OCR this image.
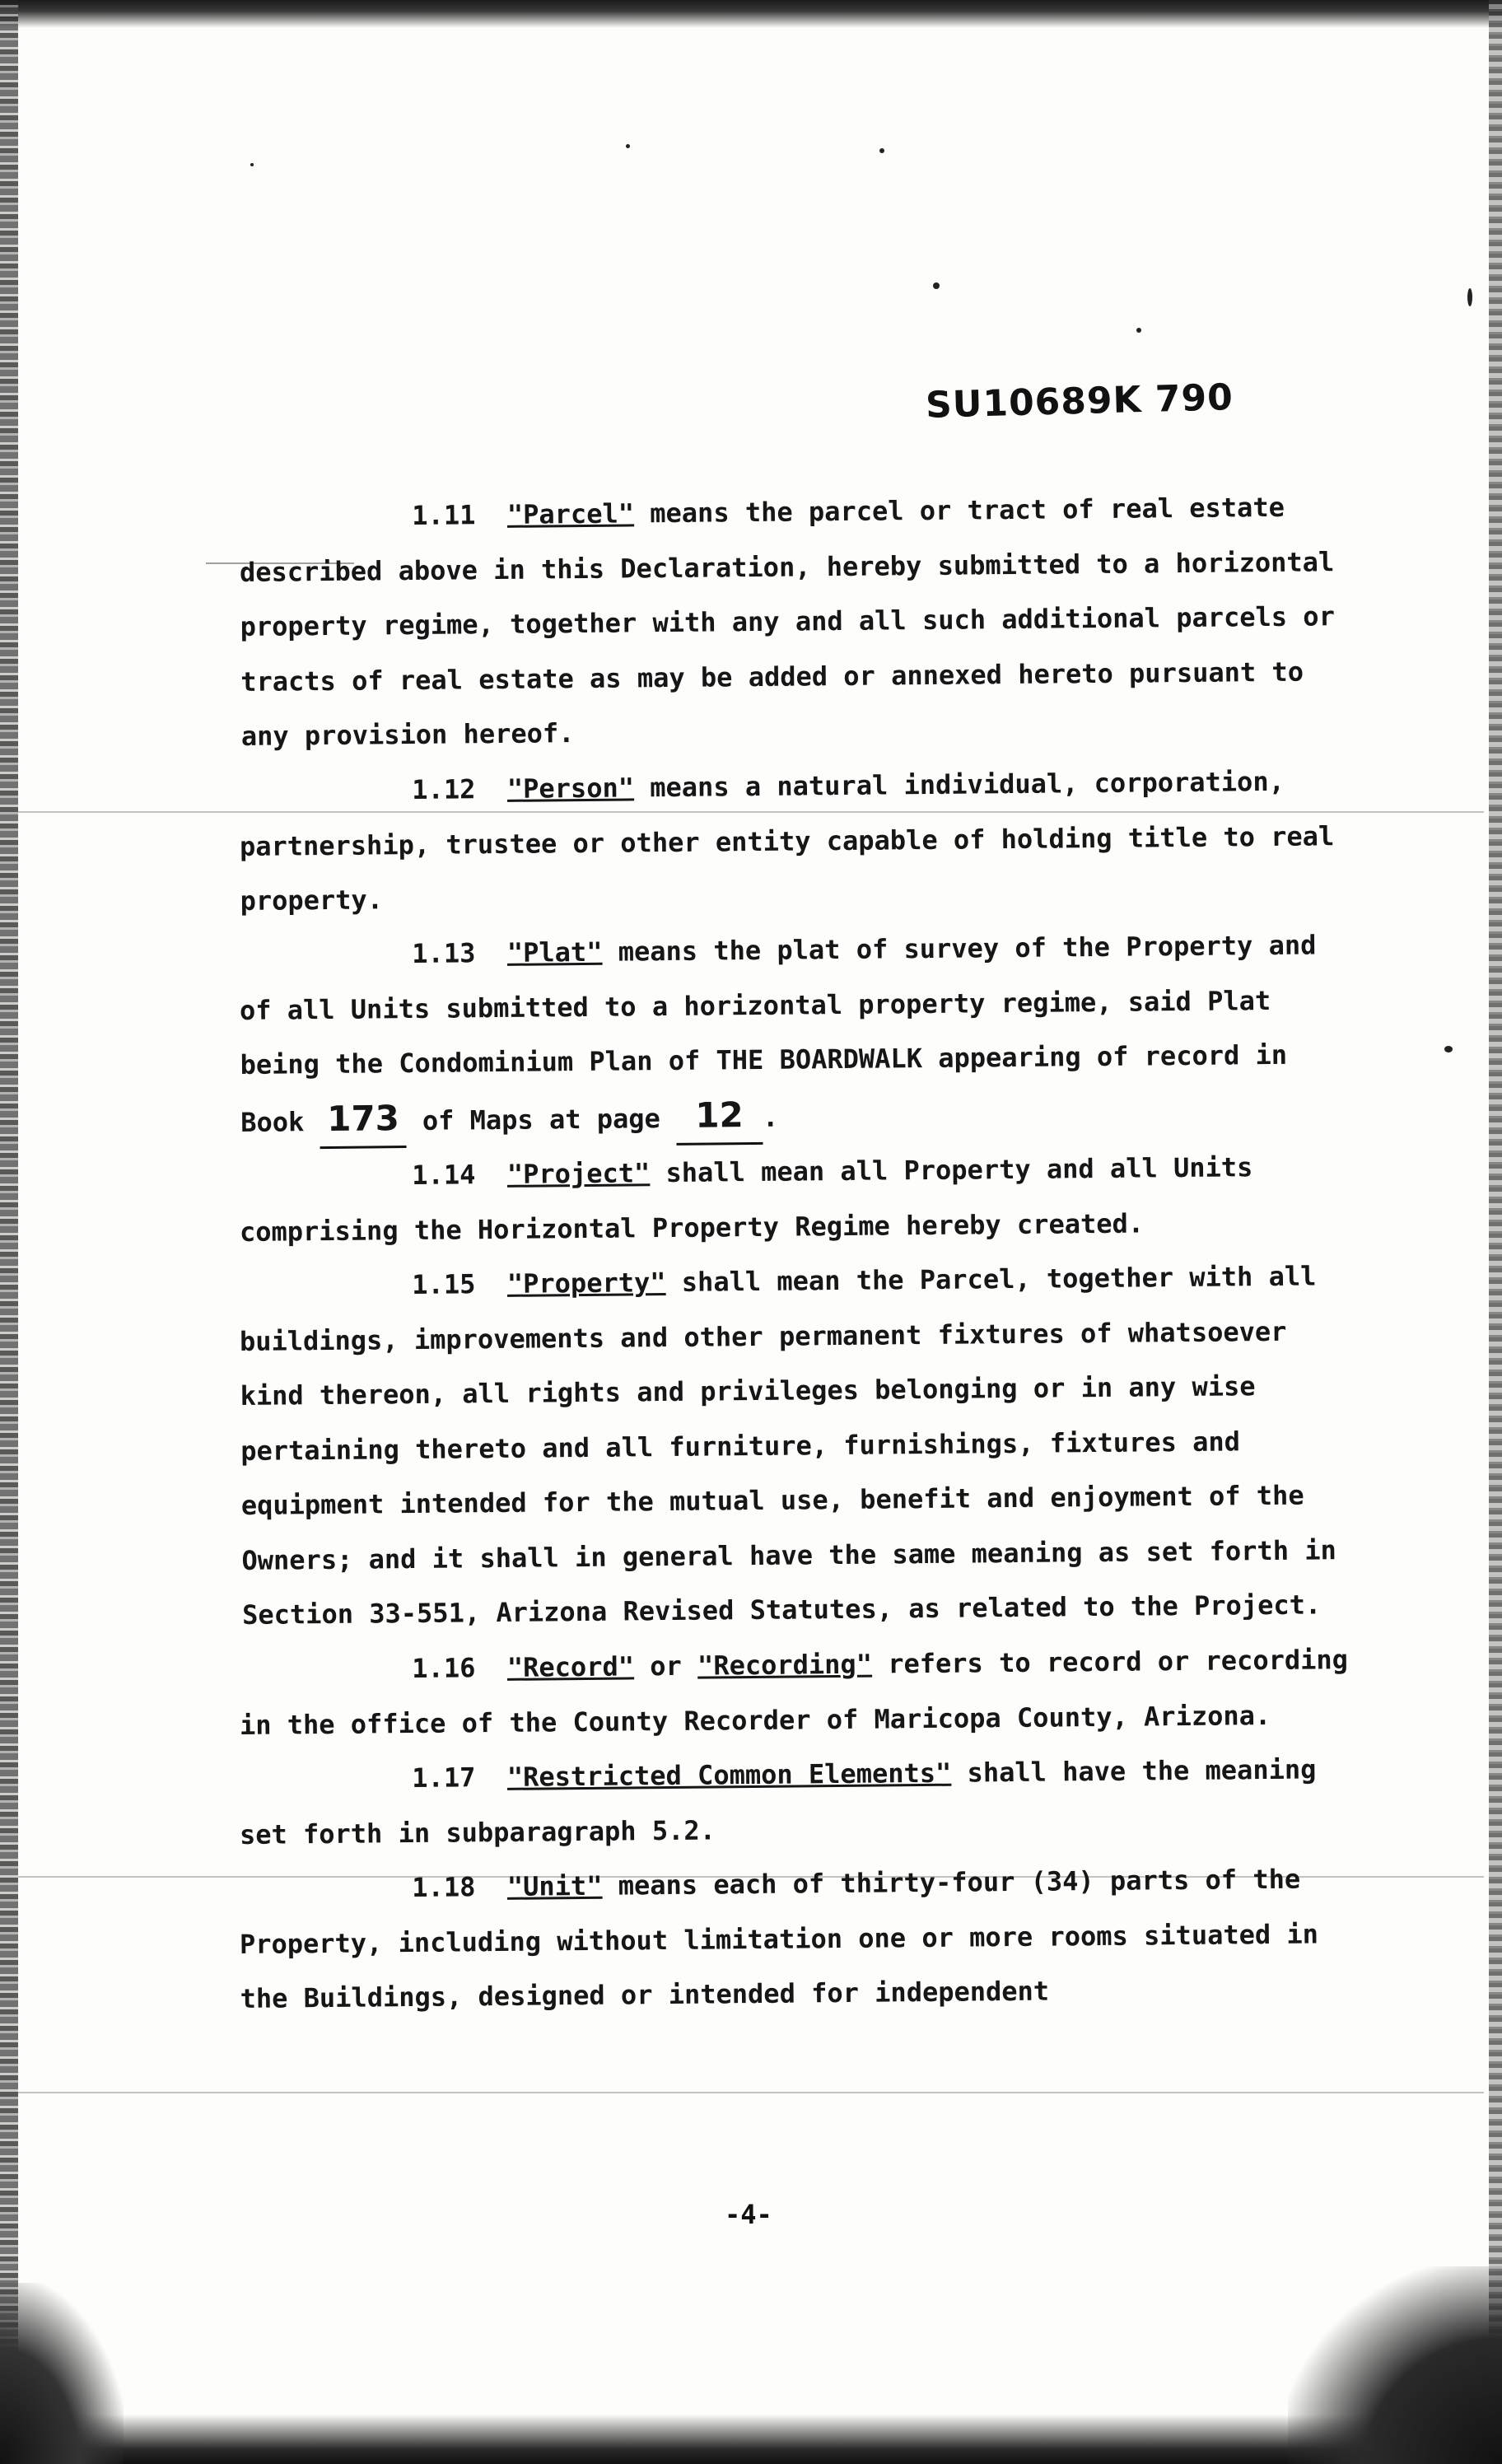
SU10689K 790

1.11 "Parcel" means the parcel or tract of real estate described above in this Declaration, hereby submitted to a horizontal property regime, together with any and all such additional parcels or tracts of real estate as may be added or annexed hereto pursuant to any provision hereof.

1.12 "Person" means a natural individual, corporation, partnership, trustee or other entity capable of holding title to real property.

1.13 "Plat" means the plat of survey of the Property and of all Units submitted to a horizontal property regime, said Plat being the Condominium Plan of THE BOARDWALK appearing of record in Book 173 of Maps at page 12 .

1.14 "Project" shall mean all Property and all Units comprising the Horizontal Property Regime hereby created.

1.15 "Property" shall mean the Parcel, together with all buildings, improvements and other permanent fixtures of whatsoever kind thereon, all rights and privileges belonging or in any wise pertaining thereto and all furniture, furnishings, fixtures and equipment intended for the mutual use, benefit and enjoyment of the Owners; and it shall in general have the same meaning as set forth in Section 33-551, Arizona Revised Statutes, as related to the Project.

1.16 "Record" or "Recording" refers to record or recording in the office of the County Recorder of Maricopa County, Arizona.

1.17 "Restricted Common Elements" shall have the meaning set forth in subparagraph 5.2.

1.18 "Unit" means each of thirty-four (34) parts of the Property, including without limitation one or more rooms situated in the Buildings, designed or intended for independent

-4-
